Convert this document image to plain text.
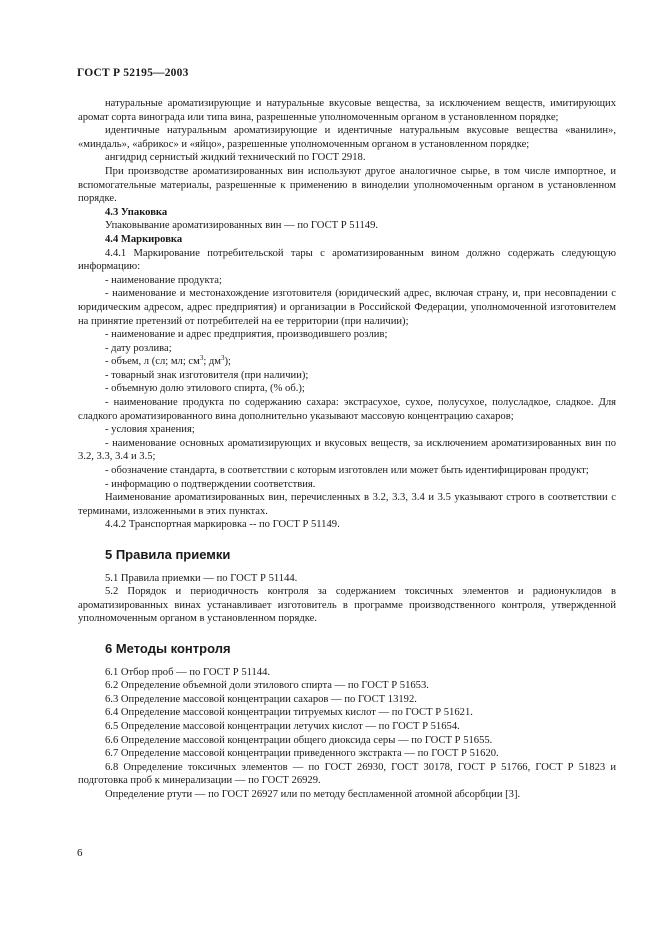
ГОСТ Р 52195—2003

натуральные ароматизирующие и натуральные вкусовые вещества, за исключением веществ, имитирующих аромат сорта винограда или типа вина, разрешенные уполномоченным органом в установленном порядке;

идентичные натуральным ароматизирующие и идентичные натуральным вкусовые вещества «ванилин», «миндаль», «абрикос» и «яйцо», разрешенные уполномоченным органом в установленном порядке;

ангидрид сернистый жидкий технический по ГОСТ 2918.

При производстве ароматизированных вин используют другое аналогичное сырье, в том числе импортное, и вспомогательные материалы, разрешенные к применению в виноделии уполномоченным органом в установленном порядке.

4.3 Упаковка

Упаковывание ароматизированных вин — по ГОСТ Р 51149.

4.4 Маркировка

4.4.1 Маркирование потребительской тары с ароматизированным вином должно содержать следующую информацию:

- наименование продукта;

- наименование и местонахождение изготовителя (юридический адрес, включая страну, и, при несовпадении с юридическим адресом, адрес предприятия) и организации в Российской Федерации, уполномоченной изготовителем на принятие претензий от потребителей на ее территории (при наличии);

- наименование и адрес предприятия, производившего розлив;

- дату розлива;

- объем, л (сл; мл; $см^3$; $дм^3$);

- товарный знак изготовителя (при наличии);

- объемную долю этилового спирта, (% об.);

- наименование продукта по содержанию сахара: экстрасухое, сухое, полусухое, полусладкое, сладкое. Для сладкого ароматизированного вина дополнительно указывают массовую концентрацию сахаров;

- условия хранения;

- наименование основных ароматизирующих и вкусовых веществ, за исключением ароматизированных вин по 3.2, 3.3, 3.4 и 3.5;

- обозначение стандарта, в соответствии с которым изготовлен или может быть идентифицирован продукт;

- информацию о подтверждении соответствия.

Наименование ароматизированных вин, перечисленных в 3.2, 3.3, 3.4 и 3.5 указывают строго в соответствии с терминами, изложенными в этих пунктах.

4.4.2 Транспортная маркировка -- по ГОСТ Р 51149.

5 Правила приемки

5.1 Правила приемки — по ГОСТ Р 51144.

5.2 Порядок и периодичность контроля за содержанием токсичных элементов и радионуклидов в ароматизированных винах устанавливает изготовитель в программе производственного контроля, утвержденной уполномоченным органом в установленном порядке.

6 Методы контроля

6.1 Отбор проб — по ГОСТ Р 51144.

6.2 Определение объемной доли этилового спирта — по ГОСТ Р 51653.

6.3 Определение массовой концентрации сахаров — по ГОСТ 13192.

6.4 Определение массовой концентрации титруемых кислот — по ГОСТ Р 51621.

6.5 Определение массовой концентрации летучих кислот — по ГОСТ Р 51654.

6.6 Определение массовой концентрации общего диоксида серы — по ГОСТ Р 51655.

6.7 Определение массовой концентрации приведенного экстракта — по ГОСТ Р 51620.

6.8 Определение токсичных элементов — по ГОСТ 26930, ГОСТ 30178, ГОСТ Р 51766, ГОСТ Р 51823 и подготовка проб к минерализации — по ГОСТ 26929.

Определение ртути — по ГОСТ 26927 или по методу беспламенной атомной абсорбции [3].

6
